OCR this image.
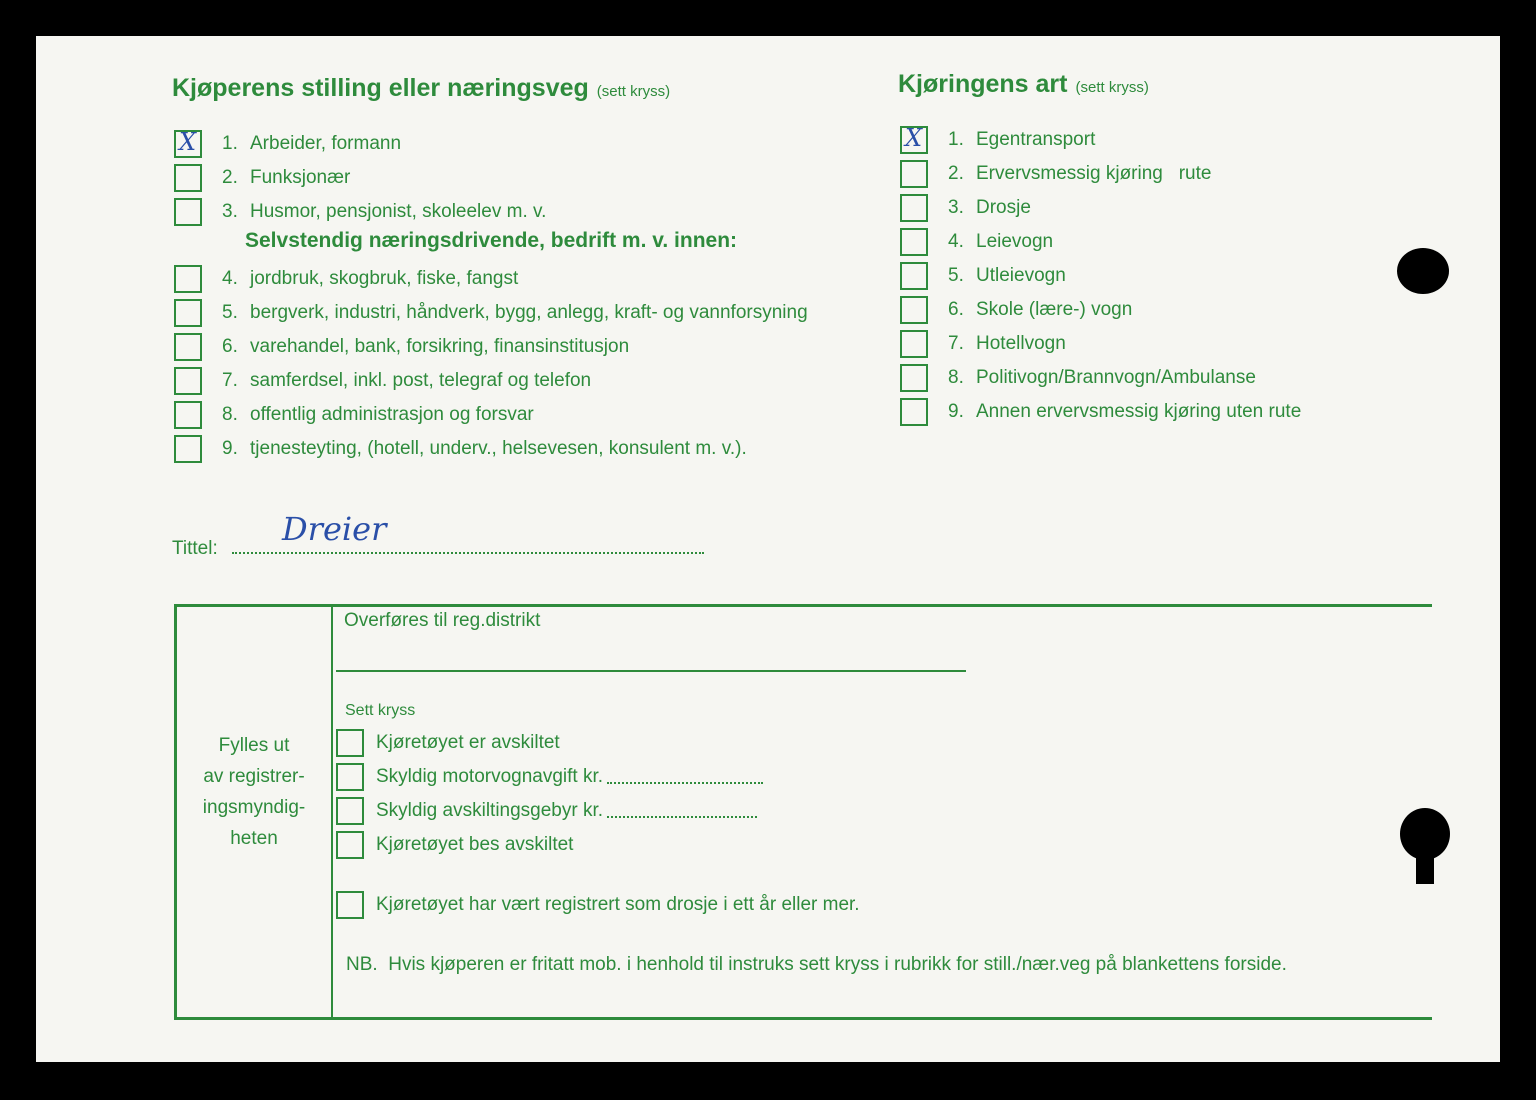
Kjøperens stilling eller næringsveg (sett kryss)
X 1. Arbeider, formann
2. Funksjonær
3. Husmor, pensjonist, skoleelev m. v.
Selvstendig næringsdrivende, bedrift m. v. innen:
4. jordbruk, skogbruk, fiske, fangst
5. bergverk, industri, håndverk, bygg, anlegg, kraft- og vannforsyning
6. varehandel, bank, forsikring, finansinstitusjon
7. samferdsel, inkl. post, telegraf og telefon
8. offentlig administrasjon og forsvar
9. tjenesteyting, (hotell, underv., helsevesen, konsulent m. v.).
Kjøringens art (sett kryss)
X 1. Egentransport
2. Ervervsmessig kjøring   rute
3. Drosje
4. Leievogn
5. Utleievogn
6. Skole (lære-) vogn
7. Hotellvogn
8. Politivogn/Brannvogn/Ambulanse
9. Annen ervervsmessig kjøring uten rute
Tittel:
Dreier
Fylles ut
av registrer-
ingsmyndig-
heten
Overføres til reg.distrikt
Sett kryss
Kjøretøyet er avskiltet
Skyldig motorvognavgift kr.
Skyldig avskiltingsgebyr kr.
Kjøretøyet bes avskiltet
Kjøretøyet har vært registrert som drosje i ett år eller mer.
NB.  Hvis kjøperen er fritatt mob. i henhold til instruks sett kryss i rubrikk for still./nær.veg på blankettens forside.
